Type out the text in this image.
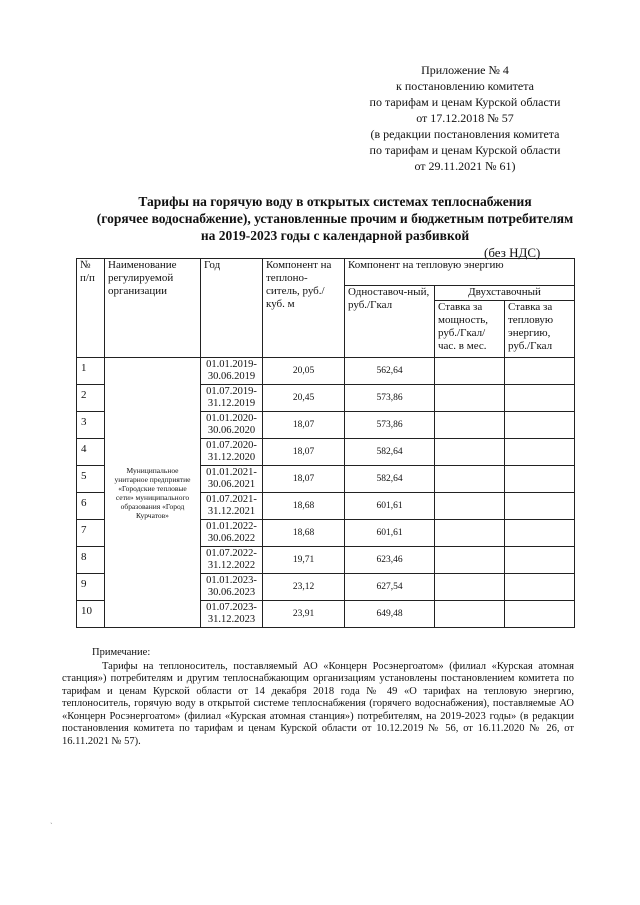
Приложение № 4
к постановлению комитета
по тарифам и ценам Курской области
от 17.12.2018 № 57
(в редакции постановления комитета
по тарифам и ценам Курской области
от 29.11.2021 № 61)
Тарифы на горячую воду в открытых системах теплоснабжения
(горячее водоснабжение), установленные прочим и бюджетным потребителям
на 2019-2023 годы с календарной разбивкой
(без НДС)
№ п/п	Наименование регулируемой организации	Год	Компонент на теплоно-ситель, руб./куб. м	Компонент на тепловую энергию		
				Одноставоч-ный, руб./Гкал	Двухставочный	
					Ставка за мощность, руб./Гкал/час. в мес.	Ставка за тепловую энергию, руб./Гкал
1	Муниципальное унитарное предприятие «Городские тепловые сети» муниципального образования «Город Курчатов»	01.01.2019-30.06.2019	20,05	562,64		
2		01.07.2019-31.12.2019	20,45	573,86		
3		01.01.2020-30.06.2020	18,07	573,86		
4		01.07.2020-31.12.2020	18,07	582,64		
5		01.01.2021-30.06.2021	18,07	582,64		
6		01.07.2021-31.12.2021	18,68	601,61		
7		01.01.2022-30.06.2022	18,68	601,61		
8		01.07.2022-31.12.2022	19,71	623,46		
9		01.01.2023-30.06.2023	23,12	627,54		
10		01.07.2023-31.12.2023	23,91	649,48		
Примечание:
Тарифы на теплоноситель, поставляемый АО «Концерн Росэнергоатом» (филиал «Курская атомная станция») потребителям и другим теплоснабжающим организациям установлены постановлением комитета по тарифам и ценам Курской области от 14 декабря 2018 года № 49 «О тарифах на тепловую энергию, теплоноситель, горячую воду в открытой системе теплоснабжения (горячего водоснабжения), поставляемые АО «Концерн Росэнергоатом» (филиал «Курская атомная станция») потребителям, на 2019-2023 годы» (в редакции постановления комитета по тарифам и ценам Курской области от 10.12.2019 № 56, от 16.11.2020 № 26, от 16.11.2021 № 57).
ˎ
